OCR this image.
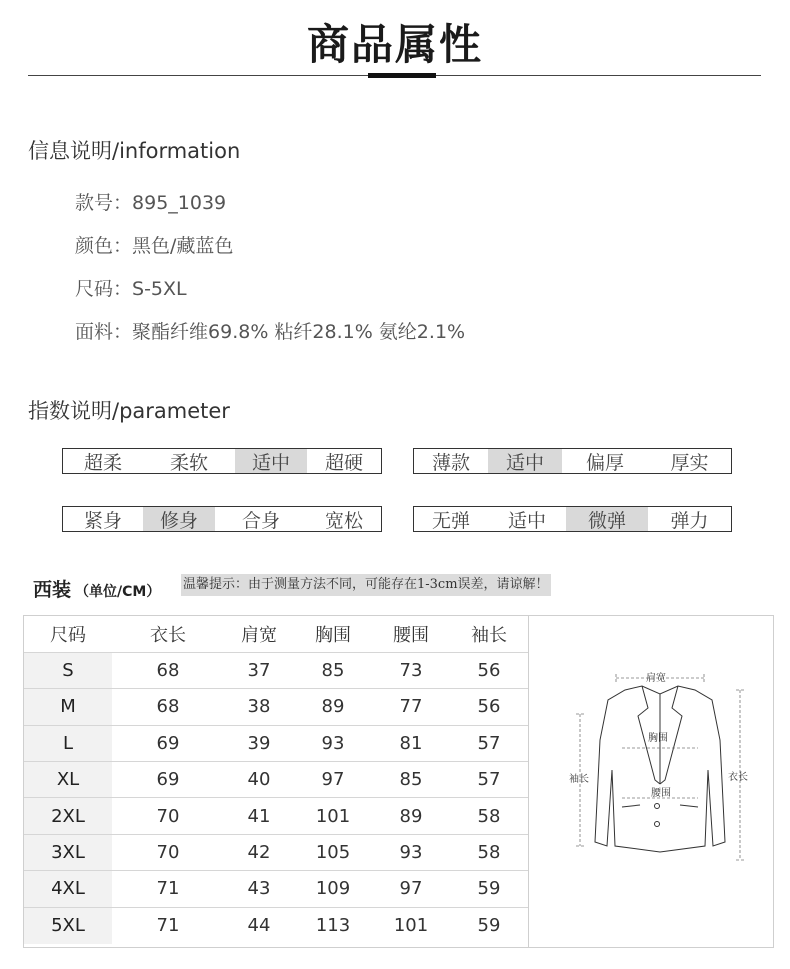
商品属性
信息说明/information
款号：895_1039
颜色：黑色/藏蓝色
尺码：S-5XL
面料：聚酯纤维69.8% 粘纤28.1% 氨纶2.1%
指数说明/parameter
超柔	柔软	适中	超硬	薄款	适中	偏厚	厚实
紧身	修身	合身	宽松	无弹	适中	微弹	弹力
西装 （单位/CM） 温馨提示：由于测量方法不同，可能存在1-3cm误差，请谅解！
尺码	衣长	肩宽	胸围	腰围	袖长
S	68	37	85	73	56
M	68	38	89	77	56
L	69	39	93	81	57
XL	69	40	97	85	57
2XL	70	41	101	89	58
3XL	70	42	105	93	58
4XL	71	43	109	97	59
5XL	71	44	113	101	59
肩宽
胸围
腰围
袖长	衣长
